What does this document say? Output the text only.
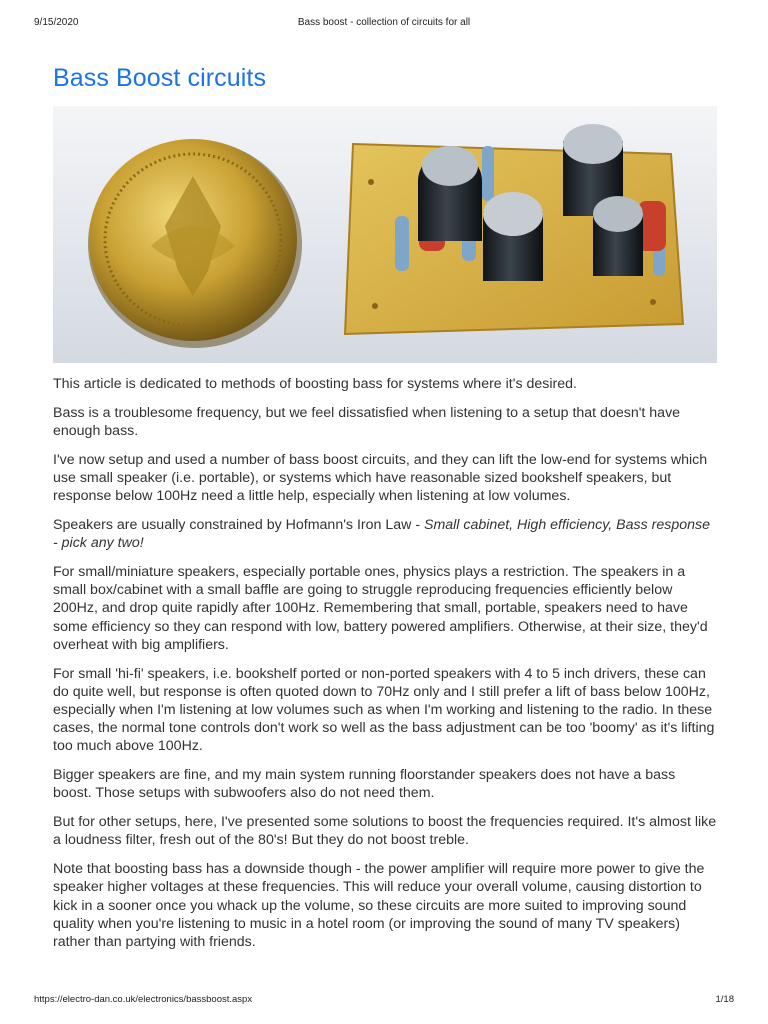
9/15/2020	Bass boost - collection of circuits for all
Bass Boost circuits

This article is dedicated to methods of boosting bass for systems where it's desired.

Bass is a troublesome frequency, but we feel dissatisfied when listening to a setup that doesn't have enough bass.

I've now setup and used a number of bass boost circuits, and they can lift the low-end for systems which use small speaker (i.e. portable), or systems which have reasonable sized bookshelf speakers, but response below 100Hz need a little help, especially when listening at low volumes.

Speakers are usually constrained by Hofmann's Iron Law - Small cabinet, High efficiency, Bass response - pick any two!

For small/miniature speakers, especially portable ones, physics plays a restriction. The speakers in a small box/cabinet with a small baffle are going to struggle reproducing frequencies efficiently below 200Hz, and drop quite rapidly after 100Hz. Remembering that small, portable, speakers need to have some efficiency so they can respond with low, battery powered amplifiers. Otherwise, at their size, they'd overheat with big amplifiers.

For small 'hi-fi' speakers, i.e. bookshelf ported or non-ported speakers with 4 to 5 inch drivers, these can do quite well, but response is often quoted down to 70Hz only and I still prefer a lift of bass below 100Hz, especially when I'm listening at low volumes such as when I'm working and listening to the radio. In these cases, the normal tone controls don't work so well as the bass adjustment can be too 'boomy' as it's lifting too much above 100Hz.

Bigger speakers are fine, and my main system running floorstander speakers does not have a bass boost. Those setups with subwoofers also do not need them.

But for other setups, here, I've presented some solutions to boost the frequencies required. It's almost like a loudness filter, fresh out of the 80's! But they do not boost treble.

Note that boosting bass has a downside though - the power amplifier will require more power to give the speaker higher voltages at these frequencies. This will reduce your overall volume, causing distortion to kick in a sooner once you whack up the volume, so these circuits are more suited to improving sound quality when you're listening to music in a hotel room (or improving the sound of many TV speakers) rather than partying with friends.

https://electro-dan.co.uk/electronics/bassboost.aspx	1/18
